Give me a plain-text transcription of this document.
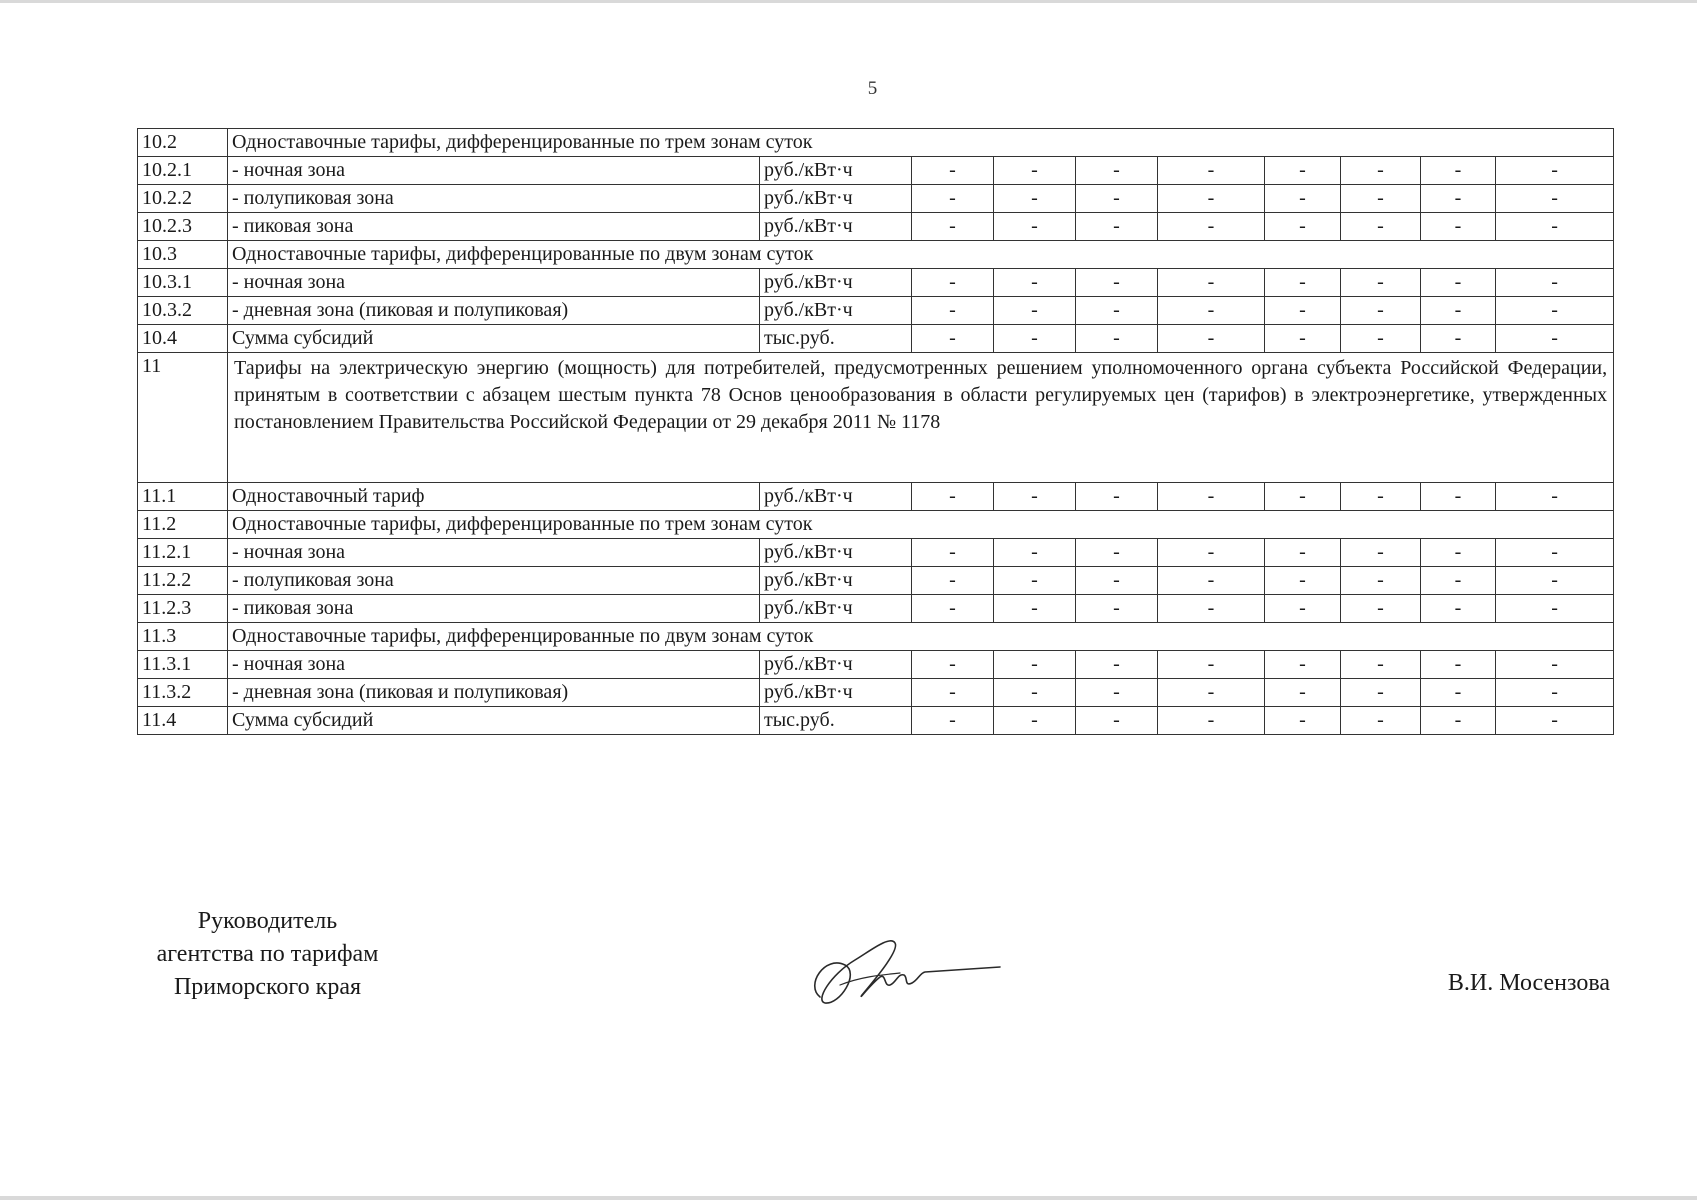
5
10.2	Одноставочные тарифы, дифференцированные по трем зонам суток									
10.2.1	- ночная зона	руб./кВт·ч	-	-	-	-	-	-	-	-
10.2.2	- полупиковая зона	руб./кВт·ч	-	-	-	-	-	-	-	-
10.2.3	- пиковая зона	руб./кВт·ч	-	-	-	-	-	-	-	-
10.3	Одноставочные тарифы, дифференцированные по двум зонам суток									
10.3.1	- ночная зона	руб./кВт·ч	-	-	-	-	-	-	-	-
10.3.2	- дневная зона (пиковая и полупиковая)	руб./кВт·ч	-	-	-	-	-	-	-	-
10.4	Сумма субсидий	тыс.руб.	-	-	-	-	-	-	-	-
11	Тарифы на электрическую энергию (мощность) для потребителей, предусмотренных решением уполномоченного органа субъекта Российской Федерации, принятым в соответствии с абзацем шестым пункта 78 Основ ценообразования в области регулируемых цен (тарифов) в электроэнергетике, утвержденных постановлением Правительства Российской Федерации от 29 декабря 2011 № 1178									
11.1	Одноставочный тариф	руб./кВт·ч	-	-	-	-	-	-	-	-
11.2	Одноставочные тарифы, дифференцированные по трем зонам суток									
11.2.1	- ночная зона	руб./кВт·ч	-	-	-	-	-	-	-	-
11.2.2	- полупиковая зона	руб./кВт·ч	-	-	-	-	-	-	-	-
11.2.3	- пиковая зона	руб./кВт·ч	-	-	-	-	-	-	-	-
11.3	Одноставочные тарифы, дифференцированные по двум зонам суток									
11.3.1	- ночная зона	руб./кВт·ч	-	-	-	-	-	-	-	-
11.3.2	- дневная зона (пиковая и полупиковая)	руб./кВт·ч	-	-	-	-	-	-	-	-
11.4	Сумма субсидий	тыс.руб.	-	-	-	-	-	-	-	-
Руководитель
агентства по тарифам
Приморского края	В.И. Мосензова
